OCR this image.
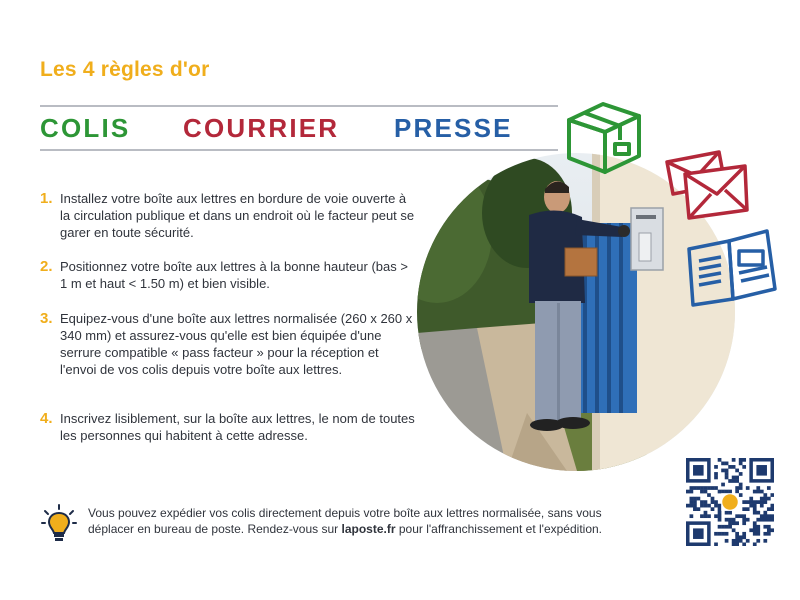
Les 4 règles d'or
COLIS COURRIER PRESSE
1. Installez votre boîte aux lettres en bordure de voie ouverte à la circulation publique et dans un endroit où le facteur peut se garer en toute sécurité.
2. Positionnez votre boîte aux lettres à la bonne hauteur (bas > 1 m et haut < 1.50 m) et bien visible.
3. Equipez-vous d'une boîte aux lettres normalisée (260 x 260 x 340 mm) et assurez-vous qu'elle est bien équipée d'une serrure compatible « pass facteur » pour la réception et l'envoi de vos colis depuis votre boîte aux lettres.
4. Inscrivez lisiblement, sur la boîte aux lettres, le nom de toutes les personnes qui habitent à cette adresse.
Vous pouvez expédier vos colis directement depuis votre boîte aux lettres normalisée, sans vous déplacer en bureau de poste. Rendez-vous sur laposte.fr pour l'affranchissement et l'expédition.
